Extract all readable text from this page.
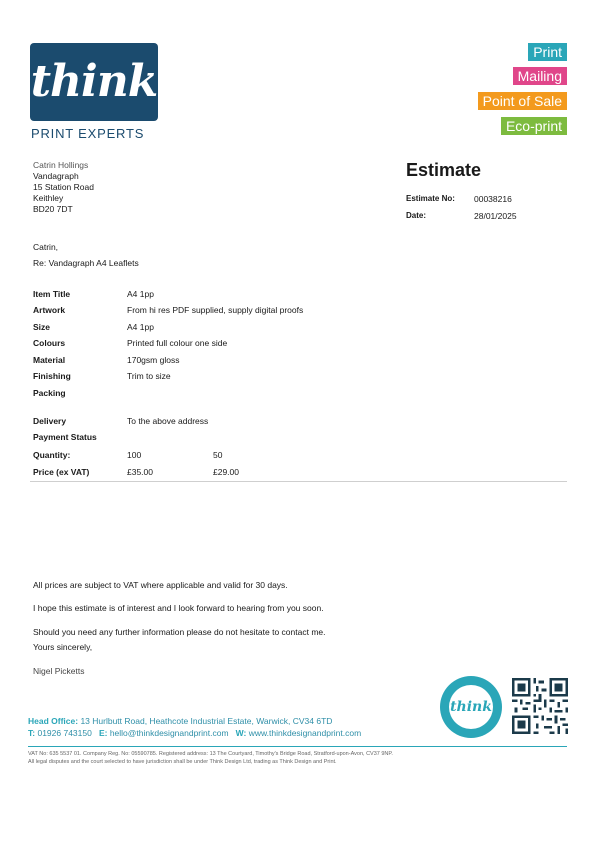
think
PRINT EXPERTS
Print
Mailing
Point of Sale
Eco-print
Catrin Hollings
Vandagraph
15 Station Road
Keithley
BD20 7DT
Estimate
Estimate No: 00038216
Date:	28/01/2025
Catrin,
Re: Vandagraph A4 Leaflets
Item Title	A4 1pp
Artwork	From hi res PDF supplied, supply digital proofs
Size	A4 1pp
Colours	Printed full colour one side
Material	170gsm gloss
Finishing	Trim to size
Packing
Delivery	To the above address
Payment Status
Quantity:	100	50
Price (ex VAT)	£35.00	£29.00
All prices are subject to VAT where applicable and valid for 30 days.
I hope this estimate is of interest and I look forward to hearing from you soon.
Should you need any further information please do not hesitate to contact me.
Yours sincerely,
Nigel Picketts
think
Head Office: 13 Hurlbutt Road, Heathcote Industrial Estate, Warwick, CV34 6TD
T: 01926 743150 E: hello@thinkdesignandprint.com W: www.thinkdesignandprint.com
VAT No: 635 5537 01. Company Reg. No: 05590785. Registered address: 13 The Courtyard, Timothy's Bridge Road, Stratford-upon-Avon, CV37 9NP.
All legal disputes and the court selected to have jurisdiction shall be under Think Design Ltd, trading as Think Design and Print.
